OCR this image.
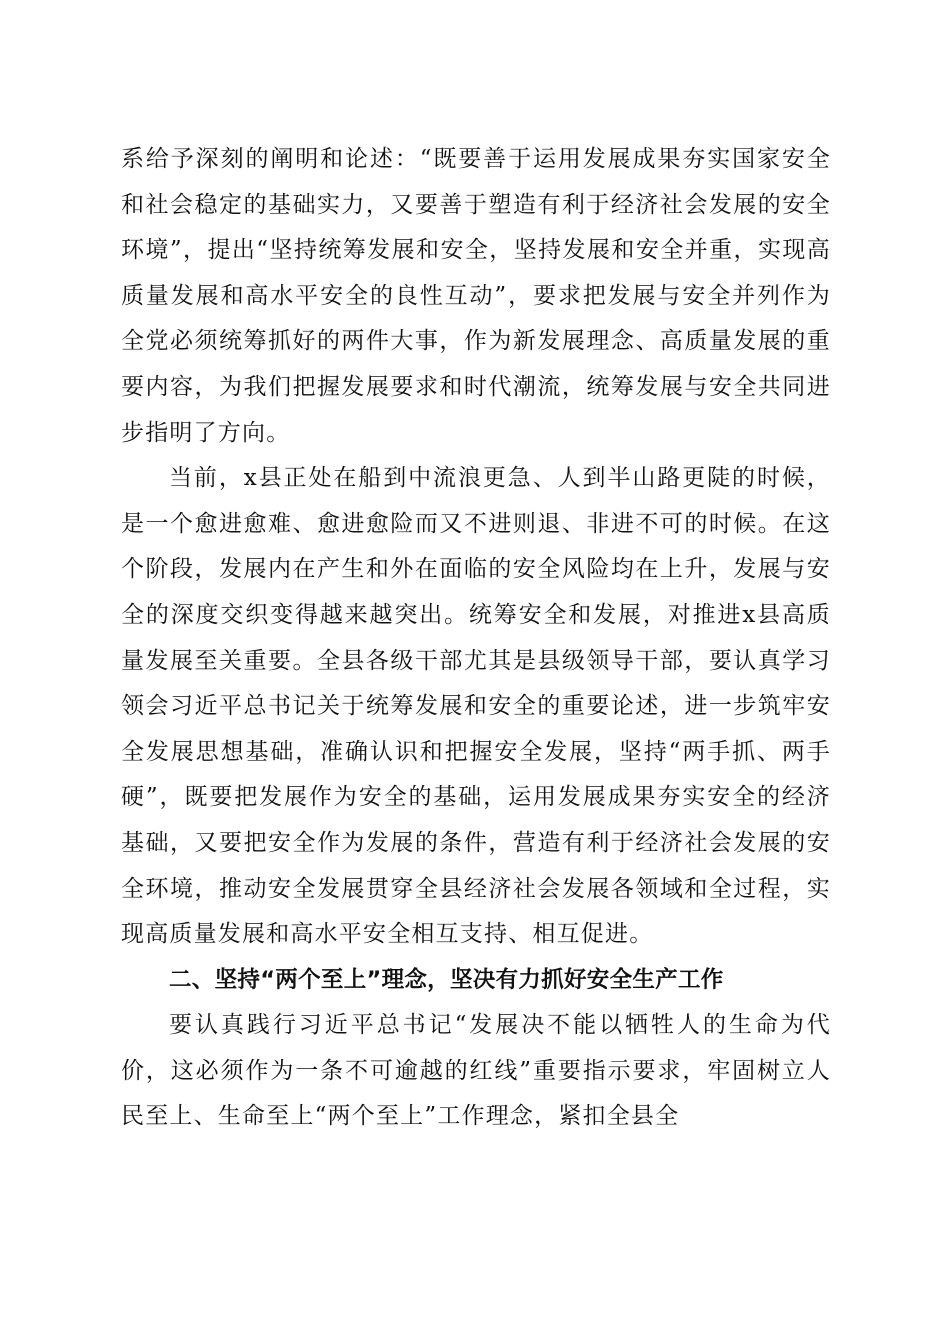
系给予深刻的阐明和论述：“既要善于运用发展成果夯实国家安全和社会稳定的基础实力，又要善于塑造有利于经济社会发展的安全环境”，提出“坚持统筹发展和安全，坚持发展和安全并重，实现高质量发展和高水平安全的良性互动”，要求把发展与安全并列作为全党必须统筹抓好的两件大事，作为新发展理念、高质量发展的重要内容，为我们把握发展要求和时代潮流，统筹发展与安全共同进步指明了方向。

当前，x县正处在船到中流浪更急、人到半山路更陡的时候，是一个愈进愈难、愈进愈险而又不进则退、非进不可的时候。在这个阶段，发展内在产生和外在面临的安全风险均在上升，发展与安全的深度交织变得越来越突出。统筹安全和发展，对推进x县高质量发展至关重要。全县各级干部尤其是县级领导干部，要认真学习领会习近平总书记关于统筹发展和安全的重要论述，进一步筑牢安全发展思想基础，准确认识和把握安全发展，坚持“两手抓、两手硬”，既要把发展作为安全的基础，运用发展成果夯实安全的经济基础，又要把安全作为发展的条件，营造有利于经济社会发展的安全环境，推动安全发展贯穿全县经济社会发展各领域和全过程，实现高质量发展和高水平安全相互支持、相互促进。

二、坚持“两个至上”理念，坚决有力抓好安全生产工作

要认真践行习近平总书记“发展决不能以牺牲人的生命为代价，这必须作为一条不可逾越的红线”重要指示要求，牢固树立人民至上、生命至上“两个至上”工作理念，紧扣全县全
